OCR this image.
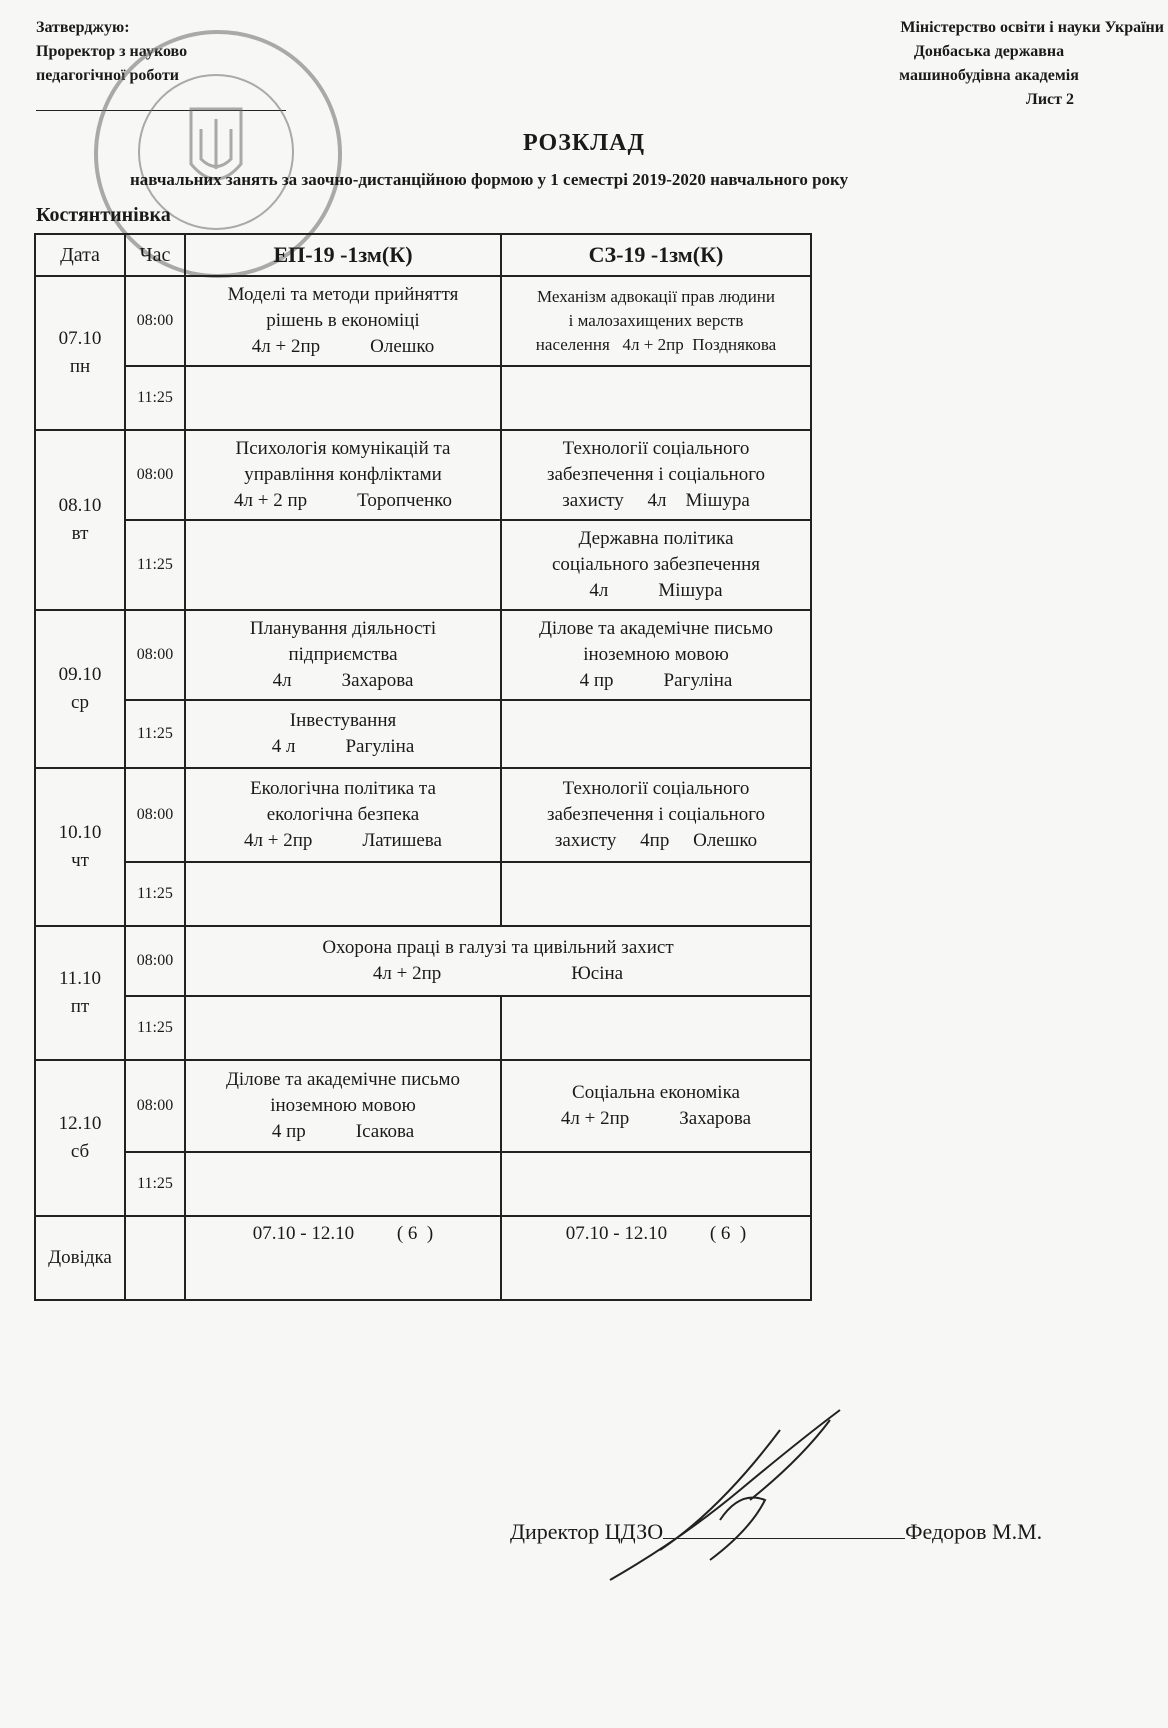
Затверджую:
Проректор з науково
педагогічної роботи
Міністерство освіти і науки України
Донбаська державна
машинобудівна академія
Лист 2
РОЗКЛАД
навчальних занять за заочно-дистанційною формою у 1 семестрі 2019-2020 навчального року
Костянтинівка
Дата	Час	ЕП-19 -1зм(К)	СЗ-19 -1зм(К)

07.10
пн	08:00	Моделі та методи прийняття
рішень в економіці
4л + 2пр Олешко	Механізм адвокації прав людини
і малозахищених верств
населення   4л + 2пр  Позднякова

	11:25		

08.10
вт	08:00	Психологія комунікацій та
управління конфліктами
4л + 2 пр Торопченко	Технології соціального
забезпечення і соціального
захисту     4л    Мішура

	11:25		Державна політика
соціального забезпечення
4л Мішура

09.10
ср	08:00	Планування діяльності
підприємства
4л Захарова	Ділове та академічне письмо
іноземною мовою
4 пр Рагуліна

	11:25	Інвестування
4 л Рагуліна	

10.10
чт	08:00	Екологічна політика та
екологічна безпека
4л + 2пр Латишева	Технології соціального
забезпечення і соціального
захисту     4пр     Олешко

	11:25		

11.10
пт	08:00	Охорона праці в галузі та цивільний захист
4л + 2пр Юсіна	

	11:25		

12.10
сб	08:00	Ділове та академічне письмо
іноземною мовою
4 пр Ісакова	Соціальна економіка
4л + 2пр Захарова

	11:25		
Довідка		07.10 - 12.10         ( 6  )	07.10 - 12.10         ( 6  )
Директор ЦДЗО	Федоров М.М.
